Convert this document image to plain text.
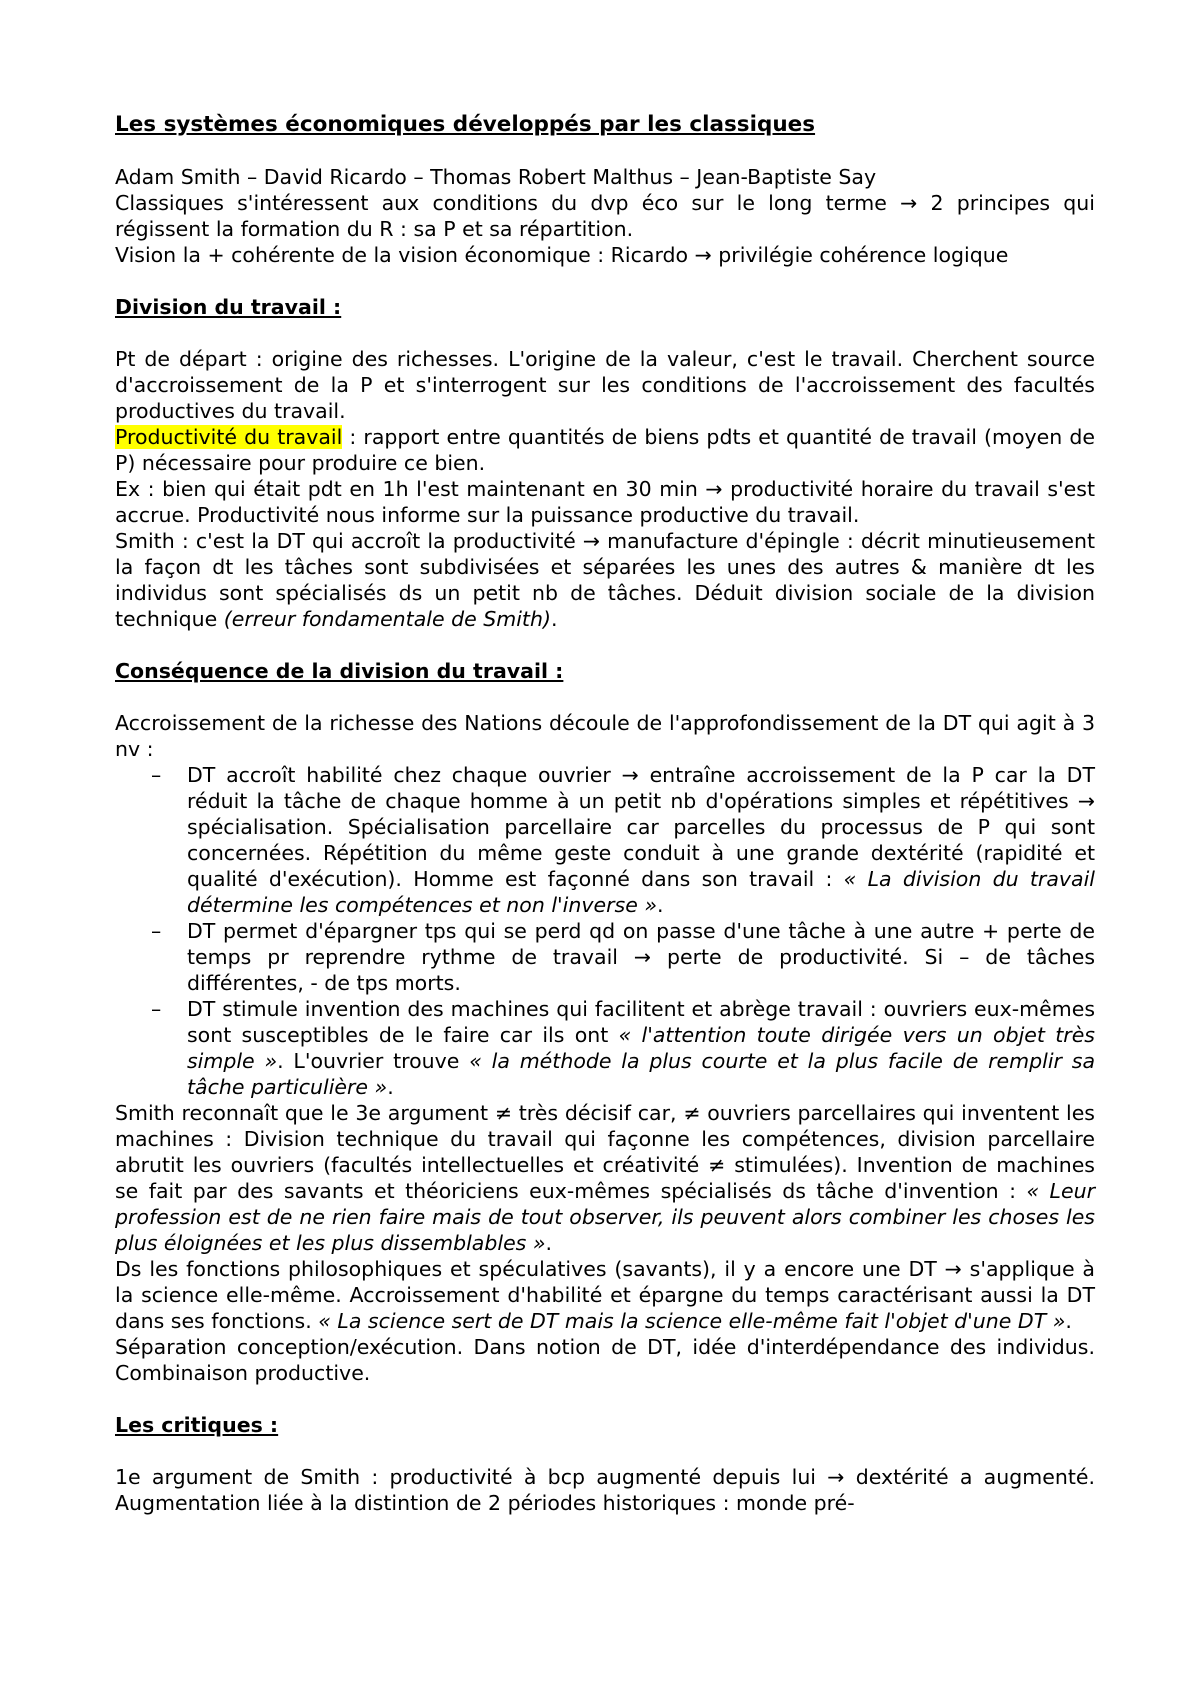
Les systèmes économiques développés par les classiques

Adam Smith – David Ricardo – Thomas Robert Malthus – Jean-Baptiste Say

Classiques s'intéressent aux conditions du dvp éco sur le long terme → 2 principes qui régissent la formation du R : sa P et sa répartition.

Vision la + cohérente de la vision économique : Ricardo → privilégie cohérence logique

Division du travail :

Pt de départ : origine des richesses. L'origine de la valeur, c'est le travail. Cherchent source d'accroissement de la P et s'interrogent sur les conditions de l'accroissement des facultés productives du travail.

Productivité du travail : rapport entre quantités de biens pdts et quantité de travail (moyen de P) nécessaire pour produire ce bien.

Ex : bien qui était pdt en 1h l'est maintenant en 30 min → productivité horaire du travail s'est accrue. Productivité nous informe sur la puissance productive du travail.

Smith : c'est la DT qui accroît la productivité → manufacture d'épingle : décrit minutieusement la façon dt les tâches sont subdivisées et séparées les unes des autres & manière dt les individus sont spécialisés ds un petit nb de tâches. Déduit division sociale de la division technique (erreur fondamentale de Smith).

Conséquence de la division du travail :

Accroissement de la richesse des Nations découle de l'approfondissement de la DT qui agit à 3 nv :

– DT accroît habilité chez chaque ouvrier → entraîne accroissement de la P car la DT réduit la tâche de chaque homme à un petit nb d'opérations simples et répétitives → spécialisation. Spécialisation parcellaire car parcelles du processus de P qui sont concernées. Répétition du même geste conduit à une grande dextérité (rapidité et qualité d'exécution). Homme est façonné dans son travail : « La division du travail détermine les compétences et non l'inverse ».
– DT permet d'épargner tps qui se perd qd on passe d'une tâche à une autre + perte de temps pr reprendre rythme de travail → perte de productivité. Si – de tâches différentes, - de tps morts.
– DT stimule invention des machines qui facilitent et abrège travail : ouvriers eux-mêmes sont susceptibles de le faire car ils ont « l'attention toute dirigée vers un objet très simple ». L'ouvrier trouve « la méthode la plus courte et la plus facile de remplir sa tâche particulière ».

Smith reconnaît que le 3e argument ≠ très décisif car, ≠ ouvriers parcellaires qui inventent les machines : Division technique du travail qui façonne les compétences, division parcellaire abrutit les ouvriers (facultés intellectuelles et créativité ≠ stimulées). Invention de machines se fait par des savants et théoriciens eux-mêmes spécialisés ds tâche d'invention : « Leur profession est de ne rien faire mais de tout observer, ils peuvent alors combiner les choses les plus éloignées et les plus dissemblables ».

Ds les fonctions philosophiques et spéculatives (savants), il y a encore une DT → s'applique à la science elle-même. Accroissement d'habilité et épargne du temps caractérisant aussi la DT dans ses fonctions. « La science sert de DT mais la science elle-même fait l'objet d'une DT ».

Séparation conception/exécution. Dans notion de DT, idée d'interdépendance des individus. Combinaison productive.

Les critiques :

1e argument de Smith : productivité à bcp augmenté depuis lui → dextérité a augmenté. Augmentation liée à la distintion de 2 périodes historiques : monde pré-
